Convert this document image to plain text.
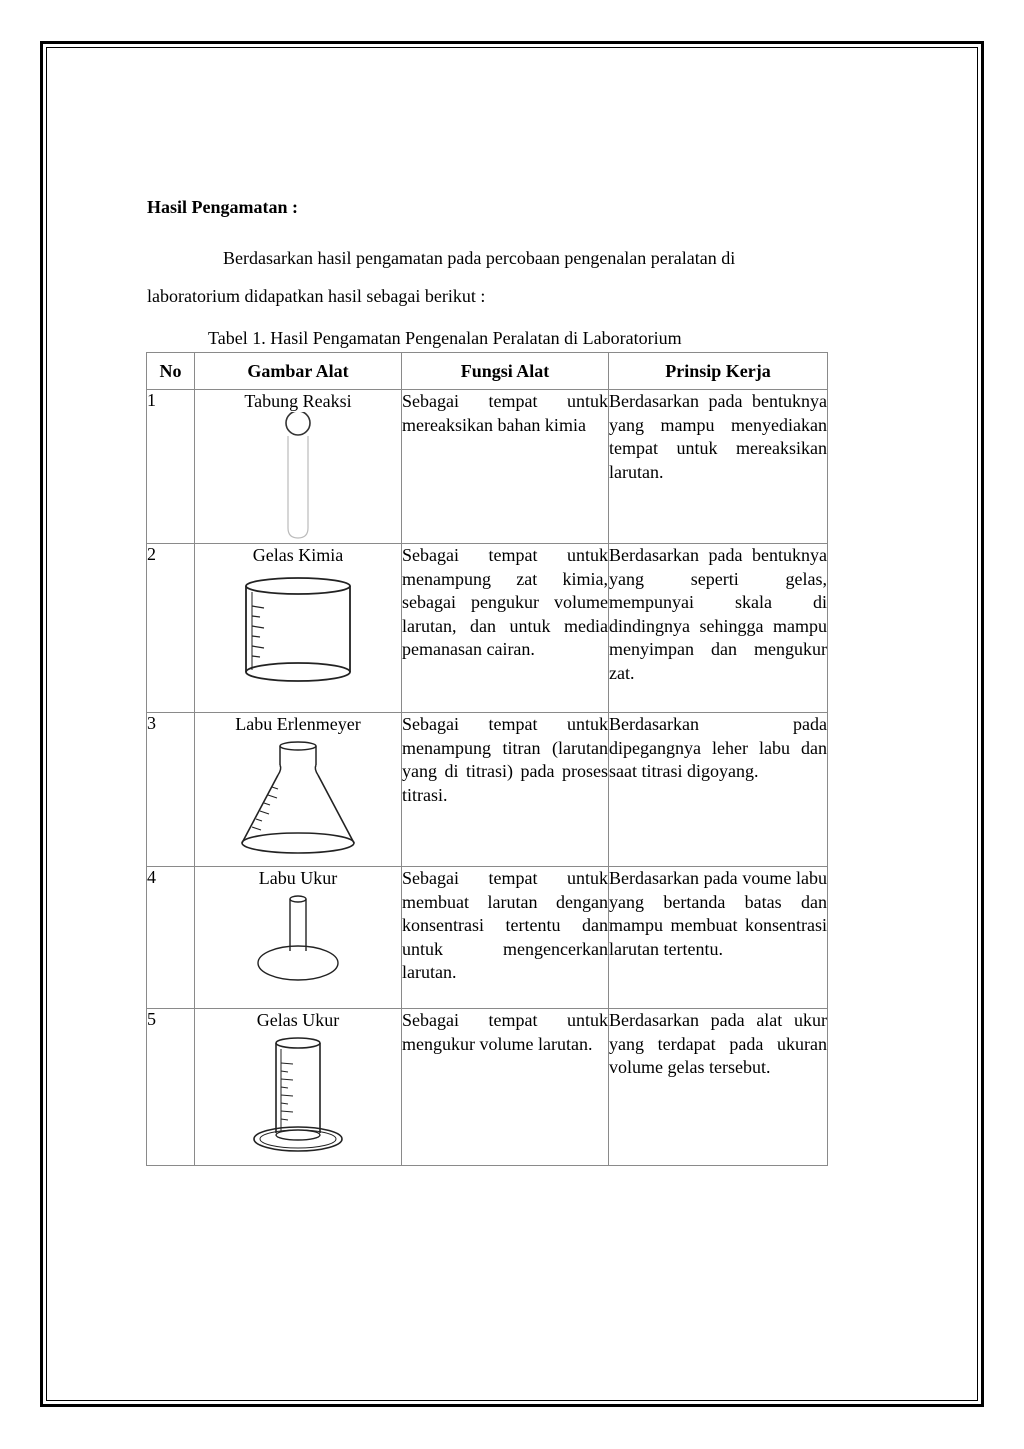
Hasil Pengamatan :
Berdasarkan hasil pengamatan pada percobaan pengenalan peralatan di
laboratorium didapatkan hasil sebagai berikut :
Tabel 1. Hasil Pengamatan Pengenalan Peralatan di Laboratorium
No	Gambar Alat	Fungsi Alat	Prinsip Kerja
1	Tabung Reaksi	Sebagai tempat untuk mereaksikan bahan kimia	Berdasarkan pada bentuknya yang mampu menyediakan tempat untuk mereaksikan larutan.
2	Gelas Kimia	Sebagai tempat untuk menampung zat kimia, sebagai pengukur volume larutan, dan untuk media pemanasan cairan.	Berdasarkan pada bentuknya yang seperti gelas, mempunyai skala di dindingnya sehingga mampu menyimpan dan mengukur zat.
3	Labu Erlenmeyer	Sebagai tempat untuk menampung titran (larutan yang di titrasi) pada proses titrasi.	Berdasarkan pada dipegangnya leher labu dan saat titrasi digoyang.
4	Labu Ukur	Sebagai tempat untuk membuat larutan dengan konsentrasi tertentu dan untuk mengencerkan larutan.	Berdasarkan pada voume labu yang bertanda batas dan mampu membuat konsentrasi larutan tertentu.
5	Gelas Ukur	Sebagai tempat untuk mengukur volume larutan.	Berdasarkan pada alat ukur yang terdapat pada ukuran volume gelas tersebut.
